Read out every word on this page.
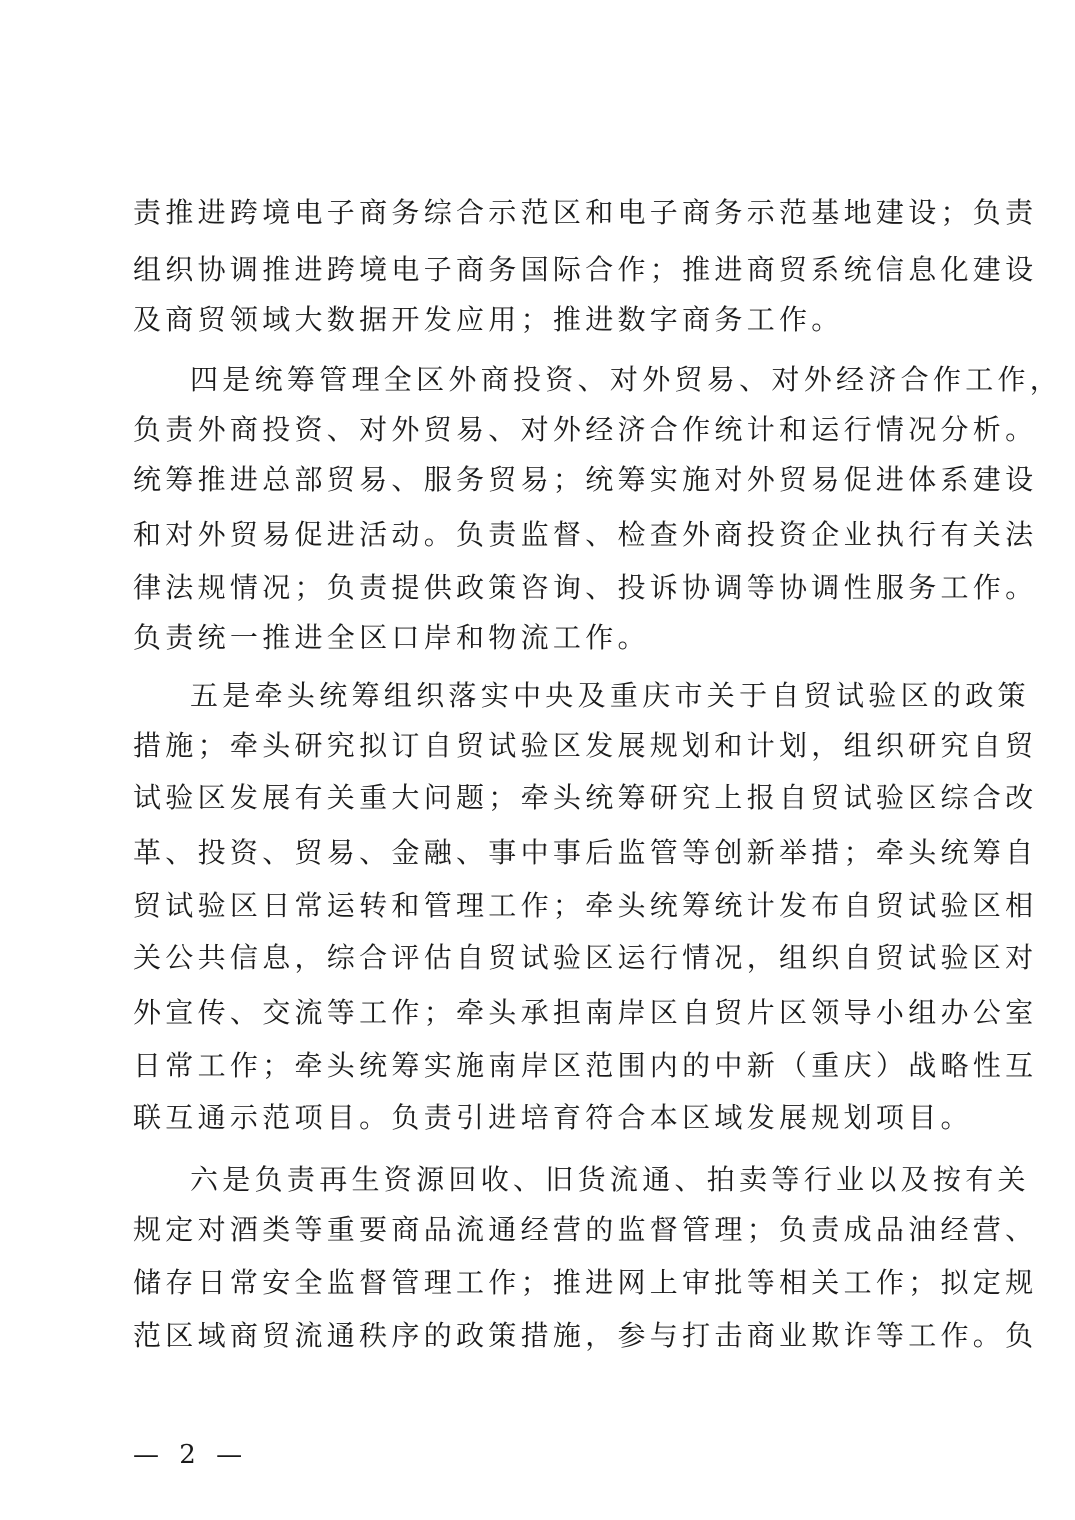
责推进跨境电子商务综合示范区和电子商务示范基地建设；负责
组织协调推进跨境电子商务国际合作；推进商贸系统信息化建设
及商贸领域大数据开发应用；推进数字商务工作。
四是统筹管理全区外商投资、对外贸易、对外经济合作工作，
负责外商投资、对外贸易、对外经济合作统计和运行情况分析。
统筹推进总部贸易、服务贸易；统筹实施对外贸易促进体系建设
和对外贸易促进活动。负责监督、检查外商投资企业执行有关法
律法规情况；负责提供政策咨询、投诉协调等协调性服务工作。
负责统一推进全区口岸和物流工作。
五是牵头统筹组织落实中央及重庆市关于自贸试验区的政策
措施；牵头研究拟订自贸试验区发展规划和计划，组织研究自贸
试验区发展有关重大问题；牵头统筹研究上报自贸试验区综合改
革、投资、贸易、金融、事中事后监管等创新举措；牵头统筹自
贸试验区日常运转和管理工作；牵头统筹统计发布自贸试验区相
关公共信息，综合评估自贸试验区运行情况，组织自贸试验区对
外宣传、交流等工作；牵头承担南岸区自贸片区领导小组办公室
日常工作；牵头统筹实施南岸区范围内的中新（重庆）战略性互
联互通示范项目。负责引进培育符合本区域发展规划项目。
六是负责再生资源回收、旧货流通、拍卖等行业以及按有关
规定对酒类等重要商品流通经营的监督管理；负责成品油经营、
储存日常安全监督管理工作；推进网上审批等相关工作；拟定规
范区域商贸流通秩序的政策措施，参与打击商业欺诈等工作。负
— 2 —
